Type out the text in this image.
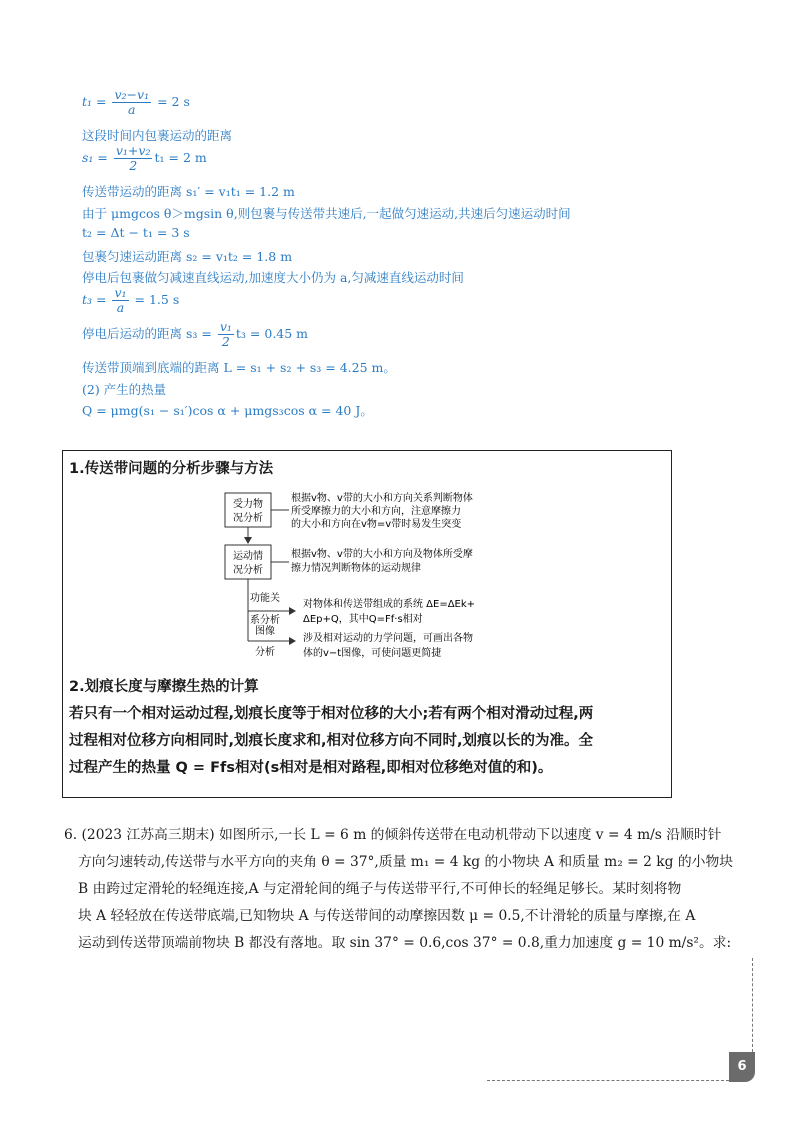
$t_1 = \frac{\text{v₂−v₁}}{a} = 2$ s
这段时间内包裹运动的距离
$s_1 = \frac{\text{v₁+v₂}}{2} t_1 = 2$ m
传送带运动的距离 s₁′ = v₁t₁ = 1.2 m
由于 μmgcos θ＞mgsin θ,则包裹与传送带共速后,一起做匀速运动,共速后匀速运动时间
t₂ = Δt − t₁ = 3 s
包裹匀速运动距离 s₂ = v₁t₂ = 1.8 m
停电后包裹做匀减速直线运动,加速度大小仍为 a,匀减速直线运动时间
$t_3 = \frac{\text{v₁}}{a} = 1.5$ s
停电后运动的距离 $s_3 = \frac{\text{v₁}}{2} t_3 = 0.45$ m
传送带顶端到底端的距离 L = s₁ + s₂ + s₃ = 4.25 m。
(2) 产生的热量
Q = μmg(s₁ − s₁′)cos α + μmgs₃cos α = 40 J。
1.传送带问题的分析步骤与方法
受力物
况分析
根据v物、v带的大小和方向关系判断物体
所受摩擦力的大小和方向，注意摩擦力
的大小和方向在v物=v带时易发生突变
运动情
况分析
根据v物、v带的大小和方向及物体所受摩
擦力情况判断物体的运动规律
功能关
系分析
对物体和传送带组成的系统 ΔE=ΔEk+
ΔEp+Q，其中Q=Ff·s相对
图像
分析
涉及相对运动的力学问题，可画出各物
体的v−t图像，可使问题更简捷
2.划痕长度与摩擦生热的计算
若只有一个相对运动过程,划痕长度等于相对位移的大小;若有两个相对滑动过程,两
过程相对位移方向相同时,划痕长度求和,相对位移方向不同时,划痕以长的为准。全
过程产生的热量 Q = Ffs相对(s相对是相对路程,即相对位移绝对值的和)。
6. (2023 江苏高三期末) 如图所示,一长 L = 6 m 的倾斜传送带在电动机带动下以速度 v = 4 m/s 沿顺时针
方向匀速转动,传送带与水平方向的夹角 θ = 37°,质量 m₁ = 4 kg 的小物块 A 和质量 m₂ = 2 kg 的小物块
B 由跨过定滑轮的轻绳连接,A 与定滑轮间的绳子与传送带平行,不可伸长的轻绳足够长。某时刻将物
块 A 轻轻放在传送带底端,已知物块 A 与传送带间的动摩擦因数 μ = 0.5,不计滑轮的质量与摩擦,在 A
运动到传送带顶端前物块 B 都没有落地。取 sin 37° = 0.6,cos 37° = 0.8,重力加速度 g = 10 m/s²。求:
6
